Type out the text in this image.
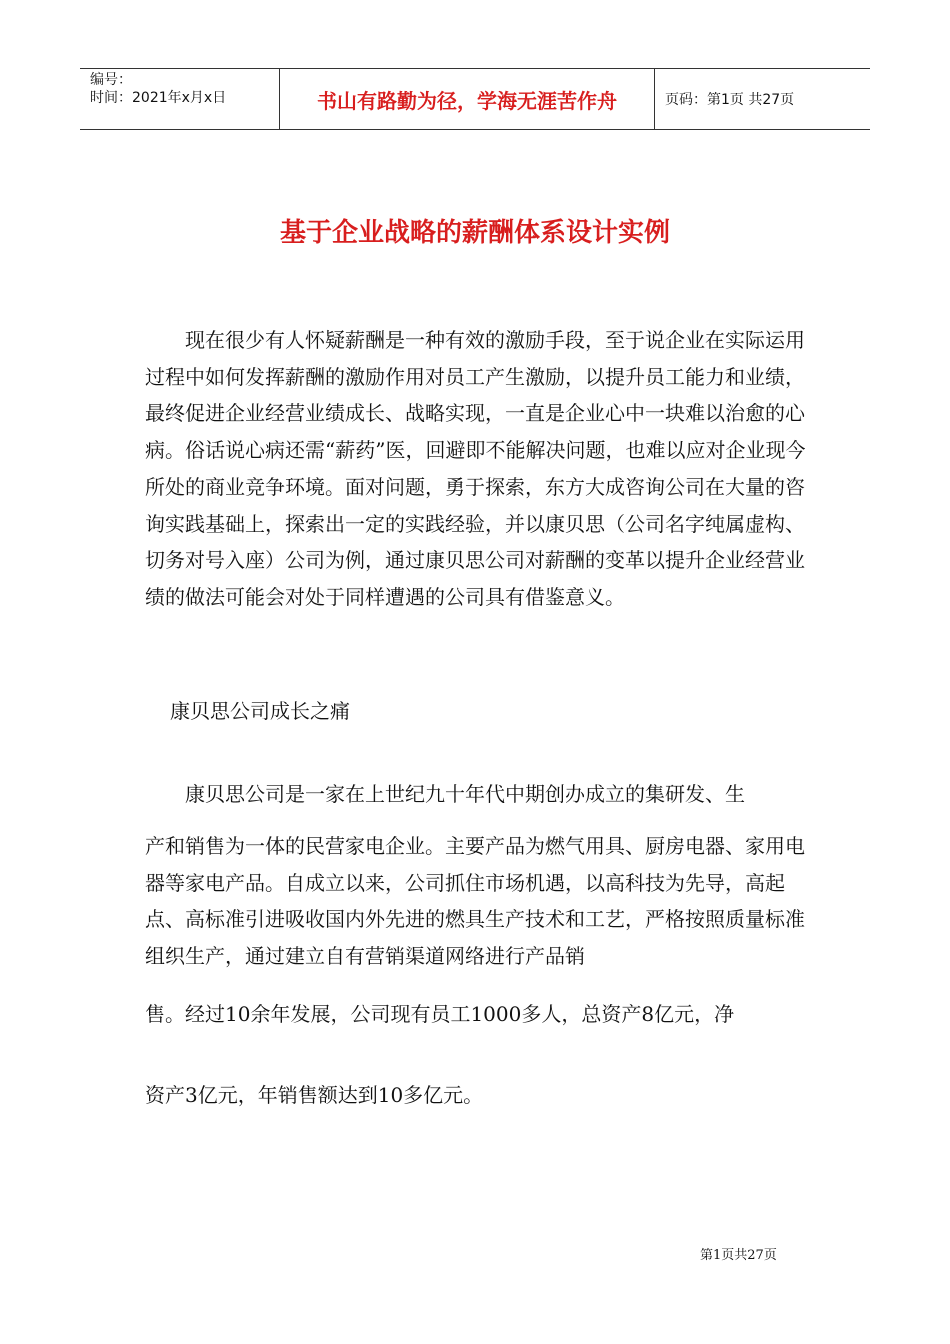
编号：
时间：2021年x月x日	书山有路勤为径，学海无涯苦作舟	页码：第1页 共27页
基于企业战略的薪酬体系设计实例
现在很少有人怀疑薪酬是一种有效的激励手段，至于说企业在实际运用过程中如何发挥薪酬的激励作用对员工产生激励，以提升员工能力和业绩，最终促进企业经营业绩成长、战略实现，一直是企业心中一块难以治愈的心病。俗话说心病还需“薪药”医，回避即不能解决问题，也难以应对企业现今所处的商业竞争环境。面对问题，勇于探索，东方大成咨询公司在大量的咨询实践基础上，探索出一定的实践经验，并以康贝思（公司名字纯属虚构、切务对号入座）公司为例，通过康贝思公司对薪酬的变革以提升企业经营业绩的做法可能会对处于同样遭遇的公司具有借鉴意义。
康贝思公司成长之痛
康贝思公司是一家在上世纪九十年代中期创办成立的集研发、生
产和销售为一体的民营家电企业。主要产品为燃气用具、厨房电器、家用电器等家电产品。自成立以来，公司抓住市场机遇，以高科技为先导，高起点、高标准引进吸收国内外先进的燃具生产技术和工艺，严格按照质量标准组织生产，通过建立自有营销渠道网络进行产品销
售。经过10余年发展，公司现有员工1000多人，总资产8亿元，净
资产3亿元，年销售额达到10多亿元。
第1页共27页
